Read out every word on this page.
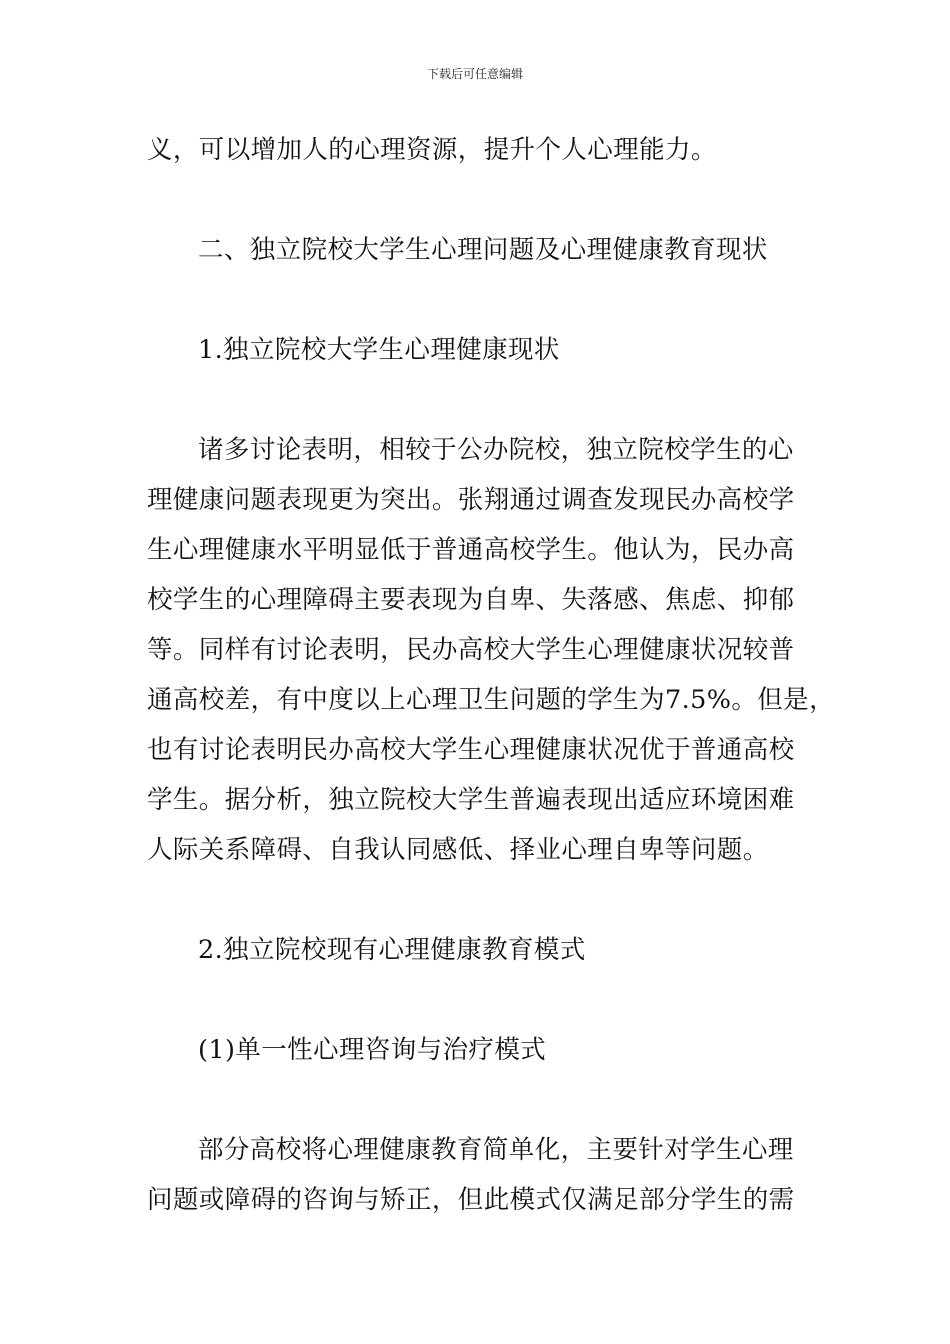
下载后可任意编辑
义，可以增加人的心理资源，提升个人心理能力。
二、独立院校大学生心理问题及心理健康教育现状
1.独立院校大学生心理健康现状
诸多讨论表明，相较于公办院校，独立院校学生的心
理健康问题表现更为突出。张翔通过调查发现民办高校学
生心理健康水平明显低于普通高校学生。他认为，民办高
校学生的心理障碍主要表现为自卑、失落感、焦虑、抑郁
等。同样有讨论表明，民办高校大学生心理健康状况较普
通高校差，有中度以上心理卫生问题的学生为7.5%。但是，
也有讨论表明民办高校大学生心理健康状况优于普通高校
学生。据分析，独立院校大学生普遍表现出适应环境困难
人际关系障碍、自我认同感低、择业心理自卑等问题。
2.独立院校现有心理健康教育模式
(1)单一性心理咨询与治疗模式
部分高校将心理健康教育简单化，主要针对学生心理
问题或障碍的咨询与矫正，但此模式仅满足部分学生的需
